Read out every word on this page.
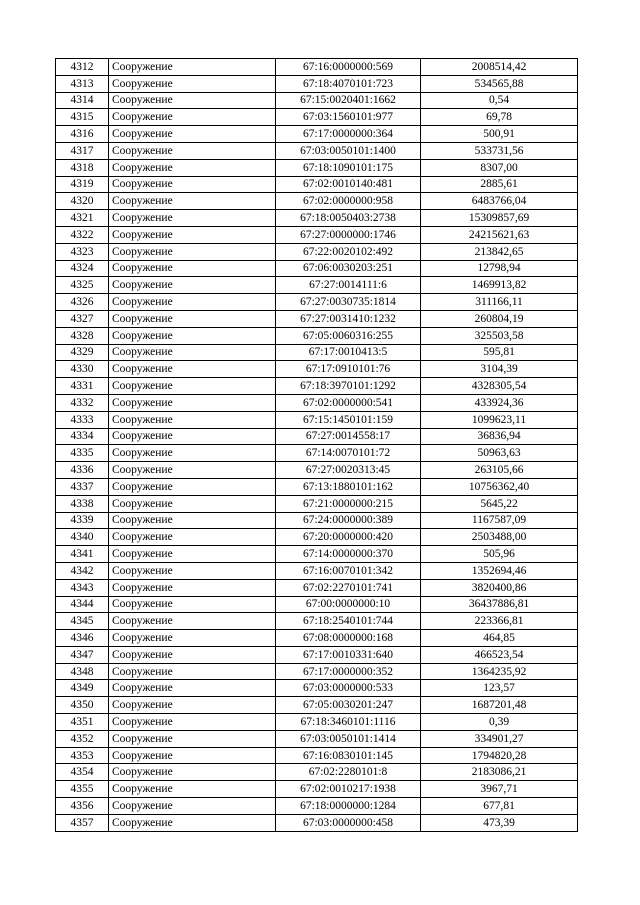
4312	Сооружение	67:16:0000000:569	2008514,42
4313	Сооружение	67:18:4070101:723	534565,88
4314	Сооружение	67:15:0020401:1662	0,54
4315	Сооружение	67:03:1560101:977	69,78
4316	Сооружение	67:17:0000000:364	500,91
4317	Сооружение	67:03:0050101:1400	533731,56
4318	Сооружение	67:18:1090101:175	8307,00
4319	Сооружение	67:02:0010140:481	2885,61
4320	Сооружение	67:02:0000000:958	6483766,04
4321	Сооружение	67:18:0050403:2738	15309857,69
4322	Сооружение	67:27:0000000:1746	24215621,63
4323	Сооружение	67:22:0020102:492	213842,65
4324	Сооружение	67:06:0030203:251	12798,94
4325	Сооружение	67:27:0014111:6	1469913,82
4326	Сооружение	67:27:0030735:1814	311166,11
4327	Сооружение	67:27:0031410:1232	260804,19
4328	Сооружение	67:05:0060316:255	325503,58
4329	Сооружение	67:17:0010413:5	595,81
4330	Сооружение	67:17:0910101:76	3104,39
4331	Сооружение	67:18:3970101:1292	4328305,54
4332	Сооружение	67:02:0000000:541	433924,36
4333	Сооружение	67:15:1450101:159	1099623,11
4334	Сооружение	67:27:0014558:17	36836,94
4335	Сооружение	67:14:0070101:72	50963,63
4336	Сооружение	67:27:0020313:45	263105,66
4337	Сооружение	67:13:1880101:162	10756362,40
4338	Сооружение	67:21:0000000:215	5645,22
4339	Сооружение	67:24:0000000:389	1167587,09
4340	Сооружение	67:20:0000000:420	2503488,00
4341	Сооружение	67:14:0000000:370	505,96
4342	Сооружение	67:16:0070101:342	1352694,46
4343	Сооружение	67:02:2270101:741	3820400,86
4344	Сооружение	67:00:0000000:10	36437886,81
4345	Сооружение	67:18:2540101:744	223366,81
4346	Сооружение	67:08:0000000:168	464,85
4347	Сооружение	67:17:0010331:640	466523,54
4348	Сооружение	67:17:0000000:352	1364235,92
4349	Сооружение	67:03:0000000:533	123,57
4350	Сооружение	67:05:0030201:247	1687201,48
4351	Сооружение	67:18:3460101:1116	0,39
4352	Сооружение	67:03:0050101:1414	334901,27
4353	Сооружение	67:16:0830101:145	1794820,28
4354	Сооружение	67:02:2280101:8	2183086,21
4355	Сооружение	67:02:0010217:1938	3967,71
4356	Сооружение	67:18:0000000:1284	677,81
4357	Сооружение	67:03:0000000:458	473,39
